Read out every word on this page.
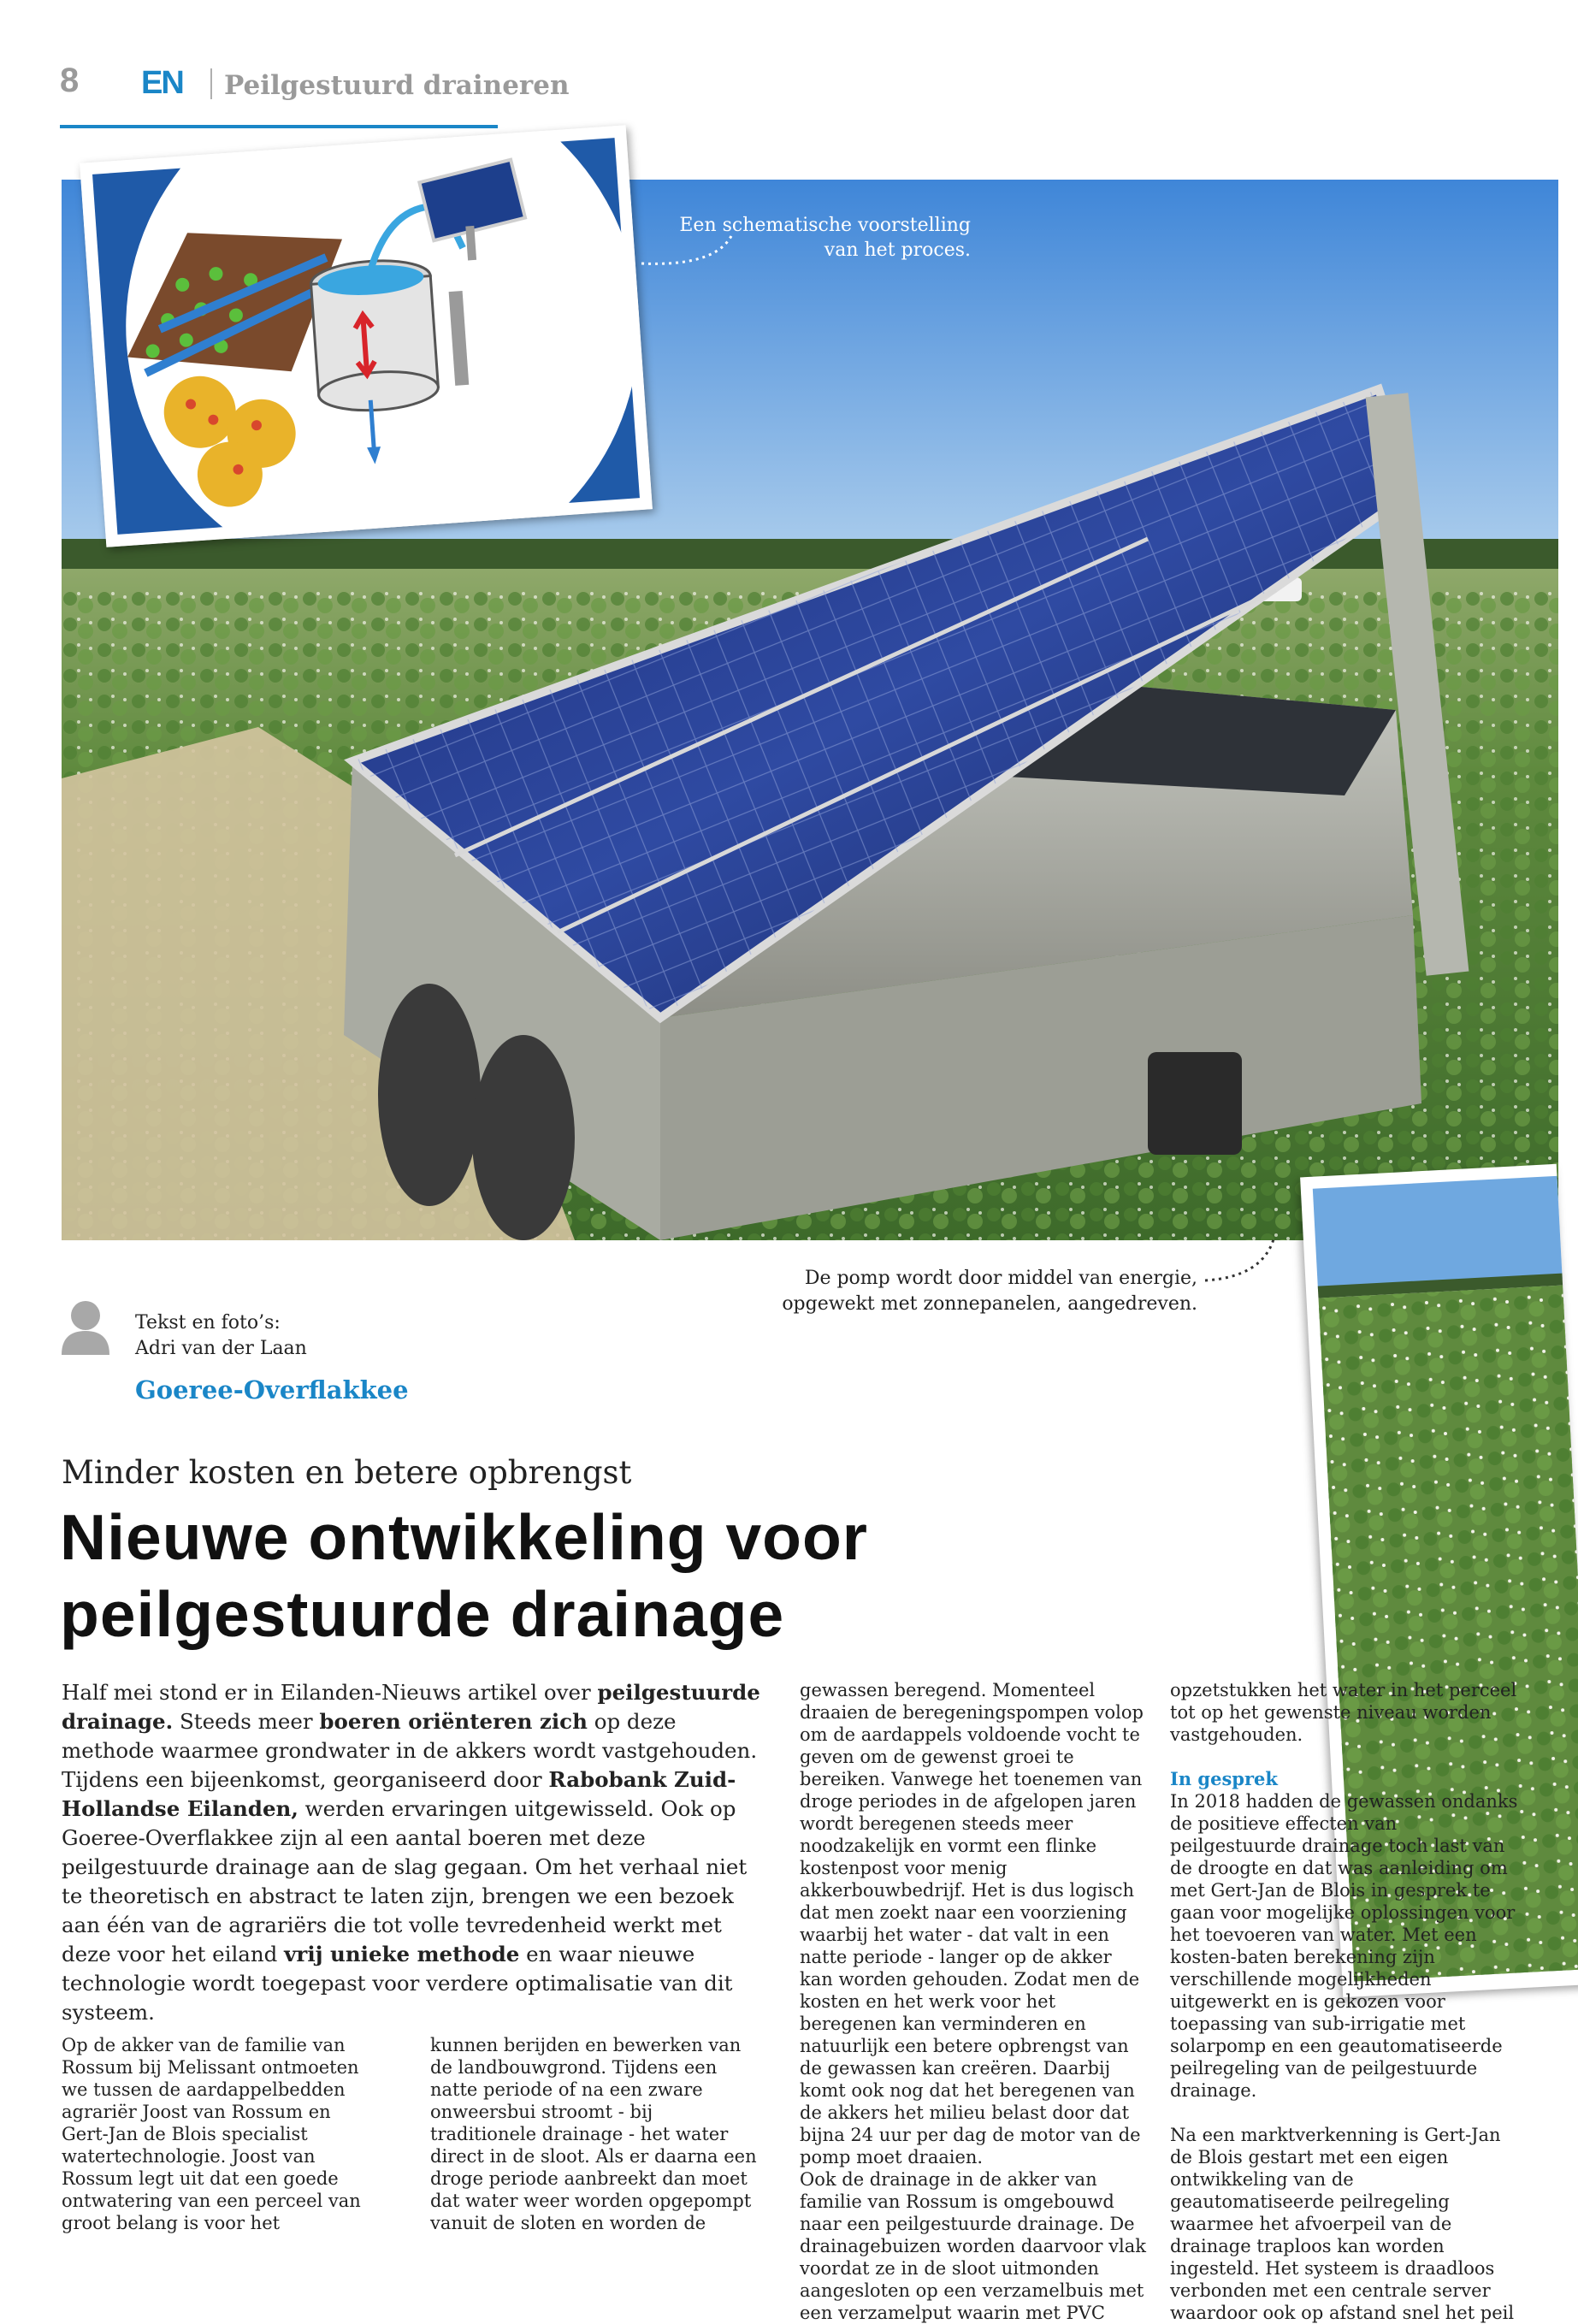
8 EN Peilgestuurd draineren
Een schematische voorstelling van het proces.
De pomp wordt door middel van energie, opgewekt met zonnepanelen, aangedreven.
Tekst en foto’s:
Adri van der Laan
Goeree-Overflakkee
Minder kosten en betere opbrengst
Nieuwe ontwikkeling voor
peilgestuurde drainage
Half mei stond er in Eilanden-Nieuws artikel over peilgestuurde drainage. Steeds meer boeren oriënteren zich op deze methode waarmee grondwater in de akkers wordt vastgehouden. Tijdens een bijeenkomst, georganiseerd door Rabobank Zuid-Hollandse Eilanden, werden ervaringen uitgewisseld. Ook op Goeree-Overflakkee zijn al een aantal boeren met deze peilgestuurde drainage aan de slag gegaan. Om het verhaal niet te theoretisch en abstract te laten zijn, brengen we een bezoek aan één van de agrariërs die tot volle tevredenheid werkt met deze voor het eiland vrij unieke methode en waar nieuwe technologie wordt toegepast voor verdere optimalisatie van dit systeem.

Op de akker van de familie van Rossum bij Melissant ontmoeten we tussen de aardappelbedden agrariër Joost van Rossum en Gert-Jan de Blois specialist watertechnologie. Joost van Rossum legt uit dat een goede ontwatering van een perceel van groot belang is voor het

kunnen berijden en bewerken van de landbouwgrond. Tijdens een natte periode of na een zware onweersbui stroomt - bij traditionele drainage - het water direct in de sloot. Als er daarna een droge periode aanbreekt dan moet dat water weer worden opgepompt vanuit de sloten en worden de

gewassen beregend. Momenteel draaien de beregeningspompen volop om de aardappels voldoende vocht te geven om de gewenst groei te bereiken. Vanwege het toenemen van droge periodes in de afgelopen jaren wordt beregenen steeds meer noodzakelijk en vormt een flinke kostenpost voor menig akkerbouwbedrijf. Het is dus logisch dat men zoekt naar een voorziening waarbij het water - dat valt in een natte periode - langer op de akker kan worden gehouden. Zodat men de kosten en het werk voor het beregenen kan verminderen en natuurlijk een betere opbrengst van de gewassen kan creëren. Daarbij komt ook nog dat het beregenen van de akkers het milieu belast door dat bijna 24 uur per dag de motor van de pomp moet draaien.

Ook de drainage in de akker van familie van Rossum is omgebouwd naar een peilgestuurde drainage. De drainagebuizen worden daarvoor vlak voordat ze in de sloot uitmonden aangesloten op een verzamelbuis met een verzamelput waarin met PVC

opzetstukken het water in het perceel tot op het gewenste niveau worden vastgehouden.

In gesprek

In 2018 hadden de gewassen ondanks de positieve effecten van peilgestuurde drainage toch last van de droogte en dat was aanleiding om met Gert-Jan de Blois in gesprek te gaan voor mogelijke oplossingen voor het toevoeren van water. Met een kosten-baten berekening zijn verschillende mogelijkheden uitgewerkt en is gekozen voor toepassing van sub-irrigatie met solarpomp en een geautomatiseerde peilregeling van de peilgestuurde drainage.

Na een marktverkenning is Gert-Jan de Blois gestart met een eigen ontwikkeling van de geautomatiseerde peilregeling waarmee het afvoerpeil van de drainage traploos kan worden ingesteld. Het systeem is draadloos verbonden met een centrale server waardoor ook op afstand snel het peil
